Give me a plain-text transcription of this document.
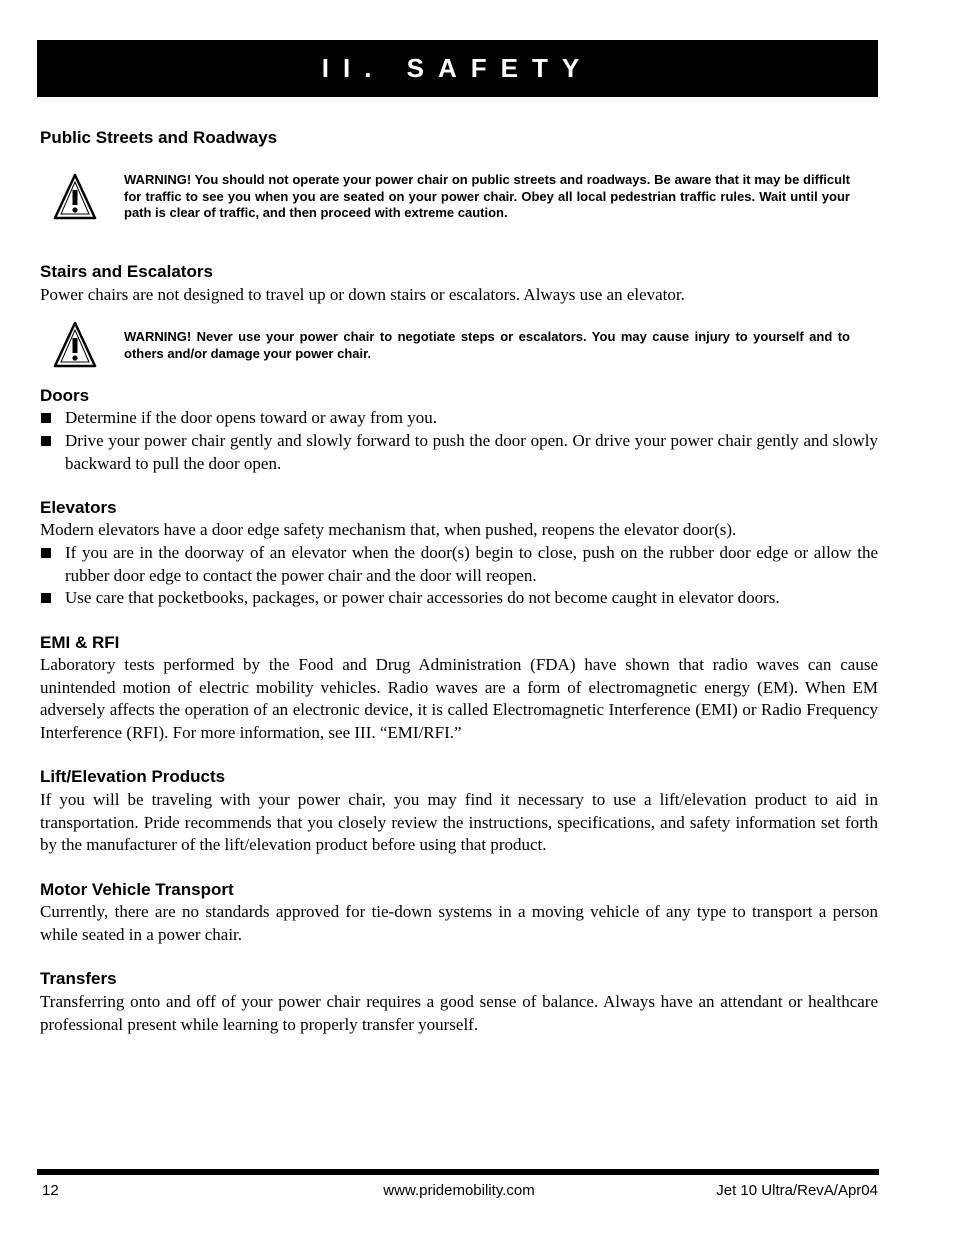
II. SAFETY
Public Streets and Roadways
WARNING! You should not operate your power chair on public streets and roadways. Be aware that it may be difficult for traffic to see you when you are seated on your power chair. Obey all local pedestrian traffic rules. Wait until your path is clear of traffic, and then proceed with extreme caution.
Stairs and Escalators

Power chairs are not designed to travel up or down stairs or escalators. Always use an elevator.

WARNING! Never use your power chair to negotiate steps or escalators. You may cause injury to yourself and to others and/or damage your power chair.
Doors
Determine if the door opens toward or away from you.
Drive your power chair gently and slowly forward to push the door open. Or drive your power chair gently and slowly backward to pull the door open.
Elevators

Modern elevators have a door edge safety mechanism that, when pushed, reopens the elevator door(s).

If you are in the doorway of an elevator when the door(s) begin to close, push on the rubber door edge or allow the rubber door edge to contact the power chair and the door will reopen.
Use care that pocketbooks, packages, or power chair accessories do not become caught in elevator doors.
EMI & RFI

Laboratory tests performed by the Food and Drug Administration (FDA) have shown that radio waves can cause unintended motion of electric mobility vehicles. Radio waves are a form of electromagnetic energy (EM). When EM adversely affects the operation of an electronic device, it is called Electromagnetic Interference (EMI) or Radio Frequency Interference (RFI). For more information, see III. “EMI/RFI.”

Lift/Elevation Products

If you will be traveling with your power chair, you may find it necessary to use a lift/elevation product to aid in transportation. Pride recommends that you closely review the instructions, specifications, and safety information set forth by the manufacturer of the lift/elevation product before using that product.

Motor Vehicle Transport

Currently, there are no standards approved for tie-down systems in a moving vehicle of any type to transport a person while seated in a power chair.

Transfers

Transferring onto and off of your power chair requires a good sense of balance. Always have an attendant or healthcare professional present while learning to properly transfer yourself.

12	www.pridemobility.com	Jet 10 Ultra/RevA/Apr04
